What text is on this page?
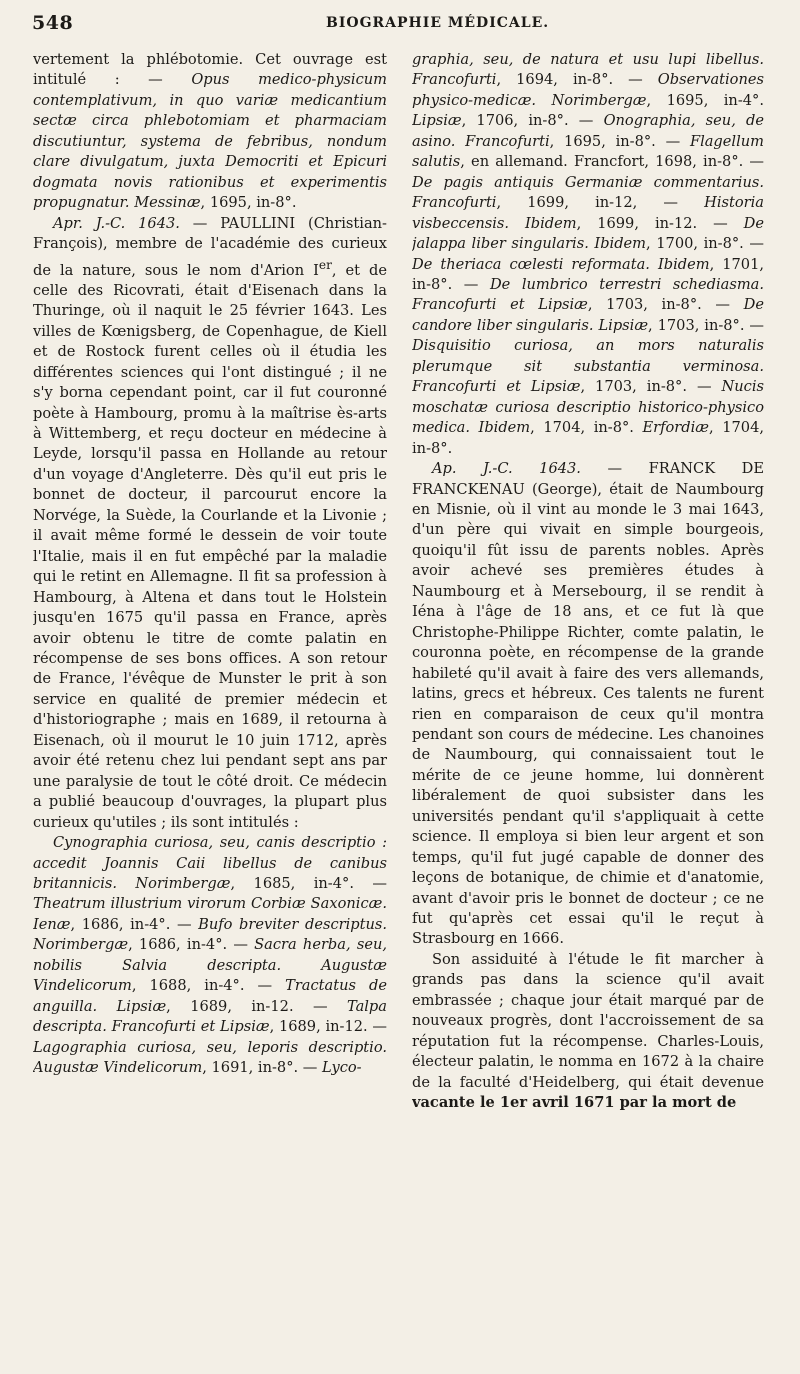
548	BIOGRAPHIE MÉDICALE.

vertement la phlébotomie. Cet ouvrage est intitulé : — Opus medico-physicum contemplativum, in quo variæ medicantium sectæ circa phlebotomiam et pharmaciam discutiuntur, systema de febribus, nondum clare divulgatum, juxta Democriti et Epicuri dogmata novis rationibus et experimentis propugnatur. Messinæ, 1695, in-8°.

Apr. J.-C. 1643. — PAULLINI (Christian-François), membre de l'académie des curieux de la nature, sous le nom d'Arion Ier, et de celle des Ricovrati, était d'Eisenach dans la Thuringe, où il naquit le 25 février 1643. Les villes de Kœnigsberg, de Copenhague, de Kiell et de Rostock furent celles où il étudia les différentes sciences qui l'ont distingué ; il ne s'y borna cependant point, car il fut couronné poète à Hambourg, promu à la maîtrise ès-arts à Wittemberg, et reçu docteur en médecine à Leyde, lorsqu'il passa en Hollande au retour d'un voyage d'Angleterre. Dès qu'il eut pris le bonnet de docteur, il parcourut encore la Norvége, la Suède, la Courlande et la Livonie ; il avait même formé le dessein de voir toute l'Italie, mais il en fut empêché par la maladie qui le retint en Allemagne. Il fit sa profession à Hambourg, à Altena et dans tout le Holstein jusqu'en 1675 qu'il passa en France, après avoir obtenu le titre de comte palatin en récompense de ses bons offices. A son retour de France, l'évêque de Munster le prit à son service en qualité de premier médecin et d'historiographe ; mais en 1689, il retourna à Eisenach, où il mourut le 10 juin 1712, après avoir été retenu chez lui pendant sept ans par une paralysie de tout le côté droit. Ce médecin a publié beaucoup d'ouvrages, la plupart plus curieux qu'utiles ; ils sont intitulés :

Cynographia curiosa, seu, canis descriptio : accedit Joannis Caii libellus de canibus britannicis. Norimbergæ, 1685, in-4°. — Theatrum illustrium virorum Corbiæ Saxonicæ. Ienæ, 1686, in-4°. — Bufo breviter descriptus. Norimbergæ, 1686, in-4°. — Sacra herba, seu, nobilis Salvia descripta. Augustæ Vindelicorum, 1688, in-4°. — Tractatus de anguilla. Lipsiæ, 1689, in-12. — Talpa descripta. Francofurti et Lipsiæ, 1689, in-12. — Lagographia curiosa, seu, leporis descriptio. Augustæ Vindelicorum, 1691, in-8°. — Lyco-

graphia, seu, de natura et usu lupi libellus. Francofurti, 1694, in-8°. — Observationes physico-medicæ. Norimbergæ, 1695, in-4°. Lipsiæ, 1706, in-8°. — Onographia, seu, de asino. Francofurti, 1695, in-8°. — Flagellum salutis, en allemand. Francfort, 1698, in-8°. — De pagis antiquis Germaniæ commentarius. Francofurti, 1699, in-12, — Historia visbeccensis. Ibidem, 1699, in-12. — De jalappa liber singularis. Ibidem, 1700, in-8°. — De theriaca cœlesti reformata. Ibidem, 1701, in-8°. — De lumbrico terrestri schediasma. Francofurti et Lipsiæ, 1703, in-8°. — De candore liber singularis. Lipsiæ, 1703, in-8°. — Disquisitio curiosa, an mors naturalis plerumque sit substantia verminosa. Francofurti et Lipsiæ, 1703, in-8°. — Nucis moschatæ curiosa descriptio historico-physico medica. Ibidem, 1704, in-8°. Erfordiæ, 1704, in-8°.

Ap. J.-C. 1643. — FRANCK DE FRANCKENAU (George), était de Naumbourg en Misnie, où il vint au monde le 3 mai 1643, d'un père qui vivait en simple bourgeois, quoiqu'il fût issu de parents nobles. Après avoir achevé ses premières études à Naumbourg et à Mersebourg, il se rendit à Iéna à l'âge de 18 ans, et ce fut là que Christophe-Philippe Richter, comte palatin, le couronna poète, en récompense de la grande habileté qu'il avait à faire des vers allemands, latins, grecs et hébreux. Ces talents ne furent rien en comparaison de ceux qu'il montra pendant son cours de médecine. Les chanoines de Naumbourg, qui connaissaient tout le mérite de ce jeune homme, lui donnèrent libéralement de quoi subsister dans les universités pendant qu'il s'appliquait à cette science. Il employa si bien leur argent et son temps, qu'il fut jugé capable de donner des leçons de botanique, de chimie et d'anatomie, avant d'avoir pris le bonnet de docteur ; ce ne fut qu'après cet essai qu'il le reçut à Strasbourg en 1666.

Son assiduité à l'étude le fit marcher à grands pas dans la science qu'il avait embrassée ; chaque jour était marqué par de nouveaux progrès, dont l'accroissement de sa réputation fut la récompense. Charles-Louis, électeur palatin, le nomma en 1672 à la chaire de la faculté d'Heidelberg, qui était devenue vacante le 1er avril 1671 par la mort de
